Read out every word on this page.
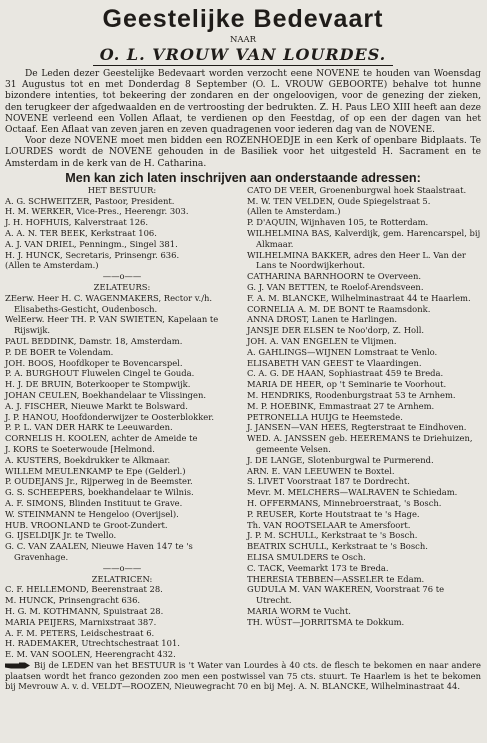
Geestelijke Bedevaart
NAAR
O. L. VROUW VAN LOURDES.

De Leden dezer Geestelijke Bedevaart worden verzocht eene NOVENE te houden van Woensdag 31 Augustus tot en met Donderdag 8 September (O. L. VROUW GEBOORTE) behalve tot hunne bizondere intenties, tot bekeering der zondaren en der ongeloovigen, voor de genezing der zieken, den terugkeer der afgedwaalden en de vertroosting der bedrukten. Z. H. Paus LEO XIII heeft aan deze NOVENE verleend een Vollen Aflaat, te verdienen op den Feestdag, of op een der dagen van het Octaaf. Een Aflaat van zeven jaren en zeven quadragenen voor iederen dag van de NOVENE.

Voor deze NOVENE moet men bidden een ROZENHOEDJE in een Kerk of openbare Bidplaats. Te LOURDES wordt de NOVENE gehouden in de Basiliek voor het uitgesteld H. Sacrament en te Amsterdam in de kerk van de H. Catharina.

Men kan zich laten inschrijven aan onderstaande adressen:
HET BESTUUR:
A. G. SCHWEITZER, Pastoor, President.
H. M. WERKER, Vice-Pres., Heerengr. 303.
J. H. HOFHUIS, Kalverstraat 126.
A. A. N. TER BEEK, Kerkstraat 106.
A. J. VAN DRIEL, Penningm., Singel 381.
H. J. HUNCK, Secretaris, Prinsengr. 636.
(Allen te Amsterdam.)
——o——
ZELATEURS:
ZEerw. Heer H. C. WAGENMAKERS, Rector v./h. Elisabeths-Gesticht, Oudenbosch.
WelEerw. Heer TH. P. VAN SWIETEN, Kapelaan te Rijswijk.
PAUL BEDDINK, Damstr. 18, Amsterdam.
P. DE BOER te Volendam.
JOH. BOOS, Hoofdkoper te Bovencarspel.
P. A. BURGHOUT Fluwelen Cingel te Gouda.
H. J. DE BRUIN, Boterkooper te Stompwijk.
JOHAN CEULEN, Boekhandelaar te Vlissingen.
A. J. FISCHER, Nieuwe Markt te Bolsward.
J. P. HANOU, Hoofdonderwijzer te Oosterblokker.
P. P. L. VAN DER HARK te Leeuwarden.
CORNELIS H. KOOLEN, achter de Ameide te
J. KORS te Soeterwoude [Helmond.
A. KUSTERS, Boekdrukker te Alkmaar.
WILLEM MEULENKAMP te Epe (Gelderl.)
P. OUDEJANS Jr., Rijperweg in de Beemster.
G. S. SCHEEPERS, boekhandelaar te Wilnis.
A. F. SIMONS, Blinden Instituut te Grave.
W. STEINMANN te Hengeloo (Overijsel).
HUB. VROONLAND te Groot-Zundert.
G. IJSELDIJK Jr. te Twello.
G. C. VAN ZAALEN, Nieuwe Haven 147 te 's Gravenhage.
——o——
ZELATRICEN:
C. F. HELLEMOND, Beerenstraat 28.
M. HUNCK, Prinsengracht 636.
H. G. M. KOTHMANN, Spuistraat 28.
MARIA PEIJERS, Marnixstraat 387.
A. F. M. PETERS, Leidschestraat 6.
H. RADEMAKER, Utrechtschestraat 101.
E. M. VAN SOOLEN, Heerengracht 432.
CATO DE VEER, Groenenburgwal hoek Staalstraat.
M. W. TEN VELDEN, Oude Spiegelstraat 5.
(Allen te Amsterdam.)
P. D'AQUIN, Wijnhaven 105, te Rotterdam.
WILHELMINA BAS, Kalverdijk, gem. Harencarspel, bij Alkmaar.
WILHELMINA BAKKER, adres den Heer L. Van der Lans te Noordwijkerhout.
CATHARINA BARNHOORN te Overveen.
G. J. VAN BETTEN, te Roelof-Arendsveen.
F. A. M. BLANCKE, Wilhelminastraat 44 te Haarlem.
CORNELIA A. M. DE BONT te Raamsdonk.
ANNA DROST, Lanen te Harlingen.
JANSJE DER ELSEN te Noo'dorp, Z. Holl.
JOH. A. VAN ENGELEN te Vlijmen.
A. GAHLINGS—WIJNEN Lomstraat te Venlo.
ELISABETH VAN GEEST te Vlaardingen.
C. A. G. DE HAAN, Sophiastraat 459 te Breda.
MARIA DE HEER, op 't Seminarie te Voorhout.
M. HENDRIKS, Roodenburgstraat 53 te Arnhem.
M. P. HOEBINK, Emmastraat 27 te Arnhem.
PETRONELLA HUIJG te Heemstede.
J. JANSEN—VAN HEES, Regterstraat te Eindhoven.
WED. A. JANSSEN geb. HEEREMANS te Driehuizen, gemeente Velsen.
J. DE LANGE, Slotenburgwal te Purmerend.
ARN. E. VAN LEEUWEN te Boxtel.
S. LIVET Voorstraat 187 te Dordrecht.
Mevr. M. MELCHERS—WALRAVEN te Schiedam.
H. OFFERMANS, Minnebroerstraat, 's Bosch.
P. REUSER, Korte Houtstraat te 's Hage.
Th. VAN ROOTSELAAR te Amersfoort.
J. P. M. SCHULL, Kerkstraat te 's Bosch.
BEATRIX SCHULL, Kerkstraat te 's Bosch.
ELISA SMULDERS te Osch.
C. TACK, Veemarkt 173 te Breda.
THERESIA TEBBEN—ASSELER te Edam.
GUDULA M. VAN WAKEREN, Voorstraat 76 te Utrecht.
MARIA WORM te Vucht.
TH. WÜST—JORRITSMA te Dokkum.
Bij de LEDEN van het BESTUUR is 't Water van Lourdes à 40 cts. de flesch te bekomen en naar andere plaatsen wordt het franco gezonden zoo men een postwissel van 75 cts. stuurt. Te Haarlem is het te bekomen bij Mevrouw A. v. d. VELDT—ROOZEN, Nieuwegracht 70 en bij Mej. A. N. BLANCKE, Wilhelminastraat 44.
